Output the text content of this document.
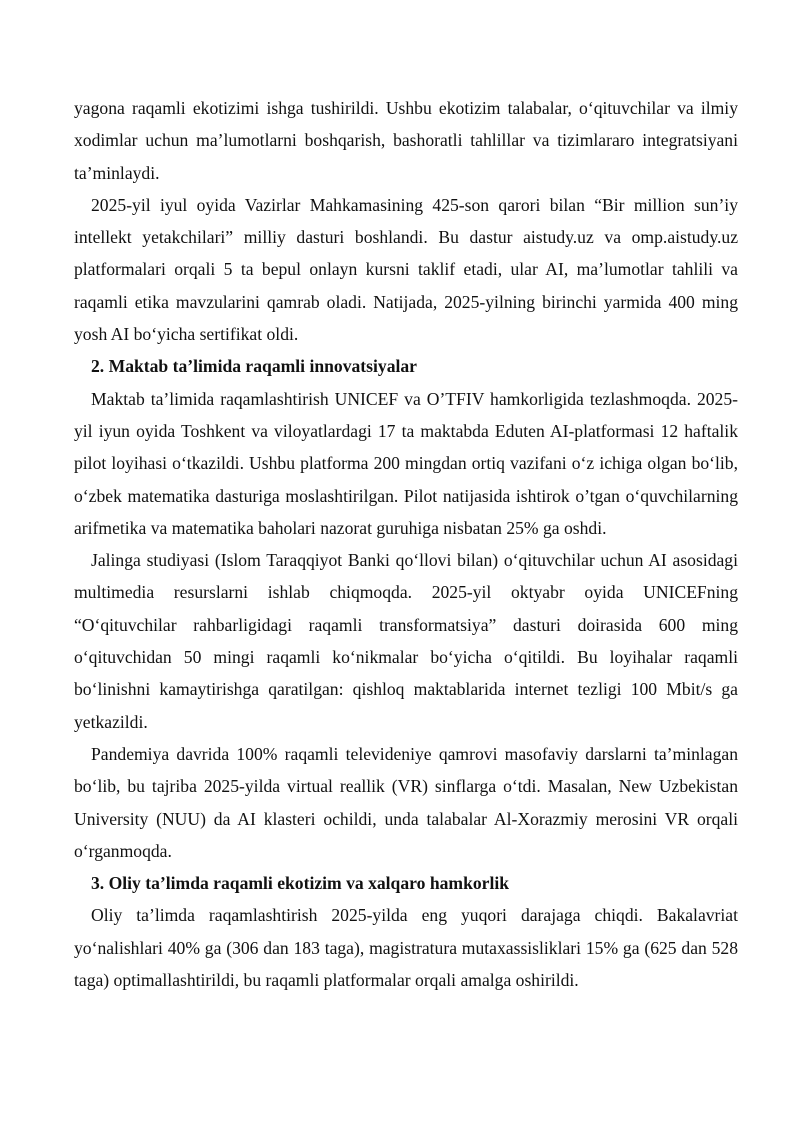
yagona raqamli ekotizimi ishga tushirildi. Ushbu ekotizim talabalar, o‘qituvchilar va ilmiy xodimlar uchun ma’lumotlarni boshqarish, bashoratli tahlillar va tizimlararo integratsiyani ta’minlaydi.

2025-yil iyul oyida Vazirlar Mahkamasining 425-son qarori bilan “Bir million sun’iy intellekt yetakchilari” milliy dasturi boshlandi. Bu dastur aistudy.uz va omp.aistudy.uz platformalari orqali 5 ta bepul onlayn kursni taklif etadi, ular AI, ma’lumotlar tahlili va raqamli etika mavzularini qamrab oladi. Natijada, 2025-yilning birinchi yarmida 400 ming yosh AI bo‘yicha sertifikat oldi.

2. Maktab ta’limida raqamli innovatsiyalar

Maktab ta’limida raqamlashtirish UNICEF va O’TFIV hamkorligida tezlashmoqda. 2025-yil iyun oyida Toshkent va viloyatlardagi 17 ta maktabda Eduten AI-platformasi 12 haftalik pilot loyihasi o‘tkazildi. Ushbu platforma 200 mingdan ortiq vazifani o‘z ichiga olgan bo‘lib, o‘zbek matematika dasturiga moslashtirilgan. Pilot natijasida ishtirok o’tgan o‘quvchilarning arifmetika va matematika baholari nazorat guruhiga nisbatan 25% ga oshdi.

Jalinga studiyasi (Islom Taraqqiyot Banki qo‘llovi bilan) o‘qituvchilar uchun AI asosidagi multimedia resurslarni ishlab chiqmoqda. 2025-yil oktyabr oyida UNICEFning “O‘qituvchilar rahbarligidagi raqamli transformatsiya” dasturi doirasida 600 ming o‘qituvchidan 50 mingi raqamli ko‘nikmalar bo‘yicha o‘qitildi. Bu loyihalar raqamli bo‘linishni kamaytirishga qaratilgan: qishloq maktablarida internet tezligi 100 Mbit/s ga yetkazildi.

Pandemiya davrida 100% raqamli televideniye qamrovi masofaviy darslarni ta’minlagan bo‘lib, bu tajriba 2025-yilda virtual reallik (VR) sinflarga o‘tdi. Masalan, New Uzbekistan University (NUU) da AI klasteri ochildi, unda talabalar Al-Xorazmiy merosini VR orqali o‘rganmoqda.

3. Oliy ta’limda raqamli ekotizim va xalqaro hamkorlik

Oliy ta’limda raqamlashtirish 2025-yilda eng yuqori darajaga chiqdi. Bakalavriat yo‘nalishlari 40% ga (306 dan 183 taga), magistratura mutaxassisliklari 15% ga (625 dan 528 taga) optimallashtirildi, bu raqamli platformalar orqali amalga oshirildi.
